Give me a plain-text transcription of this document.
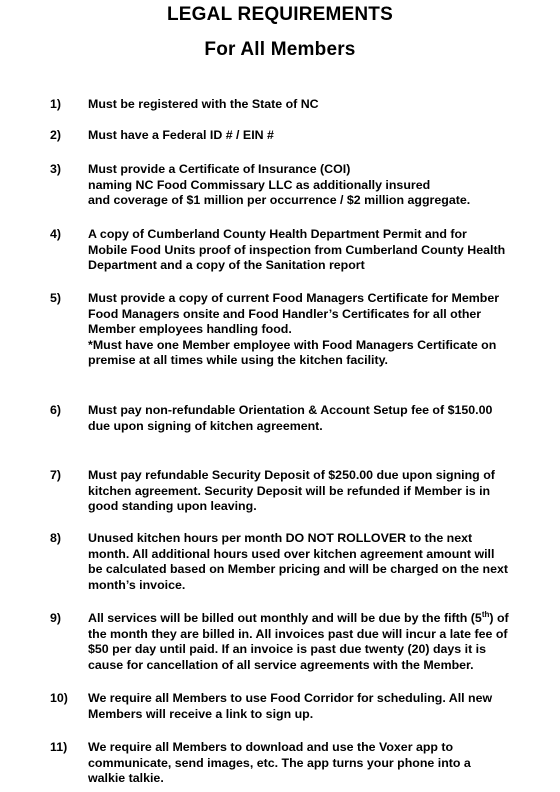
LEGAL REQUIREMENTS
For All Members
1) Must be registered with the State of NC
2) Must have a Federal ID # / EIN #
3) Must provide a Certificate of Insurance (COI)
naming NC Food Commissary LLC as additionally insured
and coverage of $1 million per occurrence / $2 million aggregate.
4) A copy of Cumberland County Health Department Permit and for
Mobile Food Units proof of inspection from Cumberland County Health
Department and a copy of the Sanitation report
5) Must provide a copy of current Food Managers Certificate for Member
Food Managers onsite and Food Handler’s Certificates for all other
Member employees handling food.
*Must have one Member employee with Food Managers Certificate on
premise at all times while using the kitchen facility.
6) Must pay non-refundable Orientation & Account Setup fee of $150.00
due upon signing of kitchen agreement.
7) Must pay refundable Security Deposit of $250.00 due upon signing of
kitchen agreement. Security Deposit will be refunded if Member is in
good standing upon leaving.
8) Unused kitchen hours per month DO NOT ROLLOVER to the next
month. All additional hours used over kitchen agreement amount will
be calculated based on Member pricing and will be charged on the next
month’s invoice.
9) All services will be billed out monthly and will be due by the fifth (5th) of
the month they are billed in. All invoices past due will incur a late fee of
$50 per day until paid. If an invoice is past due twenty (20) days it is
cause for cancellation of all service agreements with the Member.
10) We require all Members to use Food Corridor for scheduling. All new
Members will receive a link to sign up.
11) We require all Members to download and use the Voxer app to
communicate, send images, etc. The app turns your phone into a
walkie talkie.
